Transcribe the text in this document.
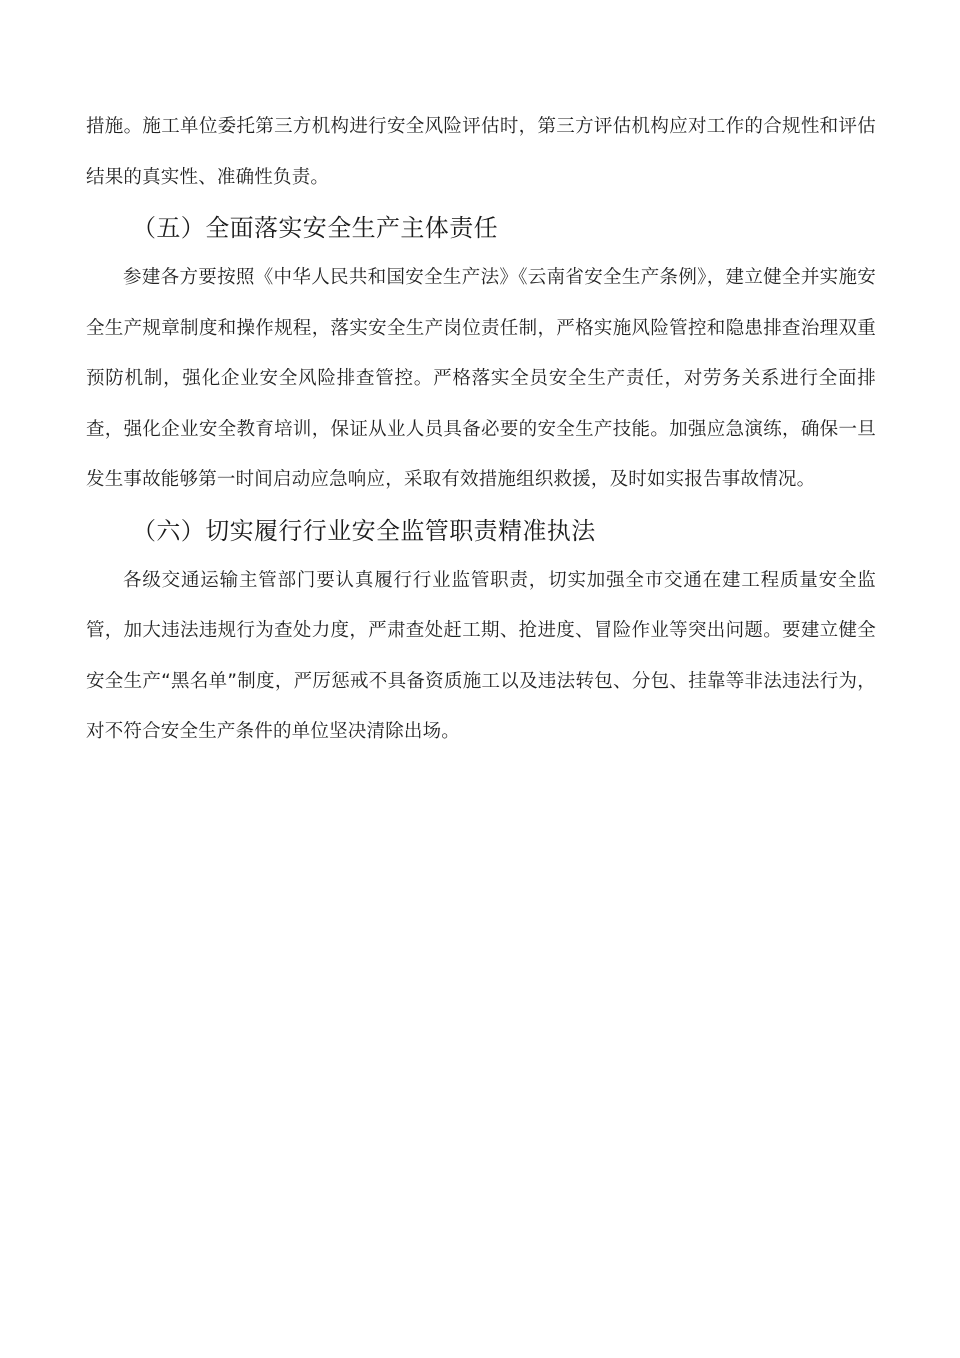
措施。施工单位委托第三方机构进行安全风险评估时，第三方评估机构应对工作的合规性和评估结果的真实性、准确性负责。

（五）全面落实安全生产主体责任

参建各方要按照《中华人民共和国安全生产法》《云南省安全生产条例》，建立健全并实施安全生产规章制度和操作规程，落实安全生产岗位责任制，严格实施风险管控和隐患排查治理双重预防机制，强化企业安全风险排查管控。严格落实全员安全生产责任，对劳务关系进行全面排查，强化企业安全教育培训，保证从业人员具备必要的安全生产技能。加强应急演练，确保一旦发生事故能够第一时间启动应急响应，采取有效措施组织救援，及时如实报告事故情况。

（六）切实履行行业安全监管职责精准执法

各级交通运输主管部门要认真履行行业监管职责，切实加强全市交通在建工程质量安全监管，加大违法违规行为查处力度，严肃查处赶工期、抢进度、冒险作业等突出问题。要建立健全安全生产“黑名单”制度，严厉惩戒不具备资质施工以及违法转包、分包、挂靠等非法违法行为，对不符合安全生产条件的单位坚决清除出场。
